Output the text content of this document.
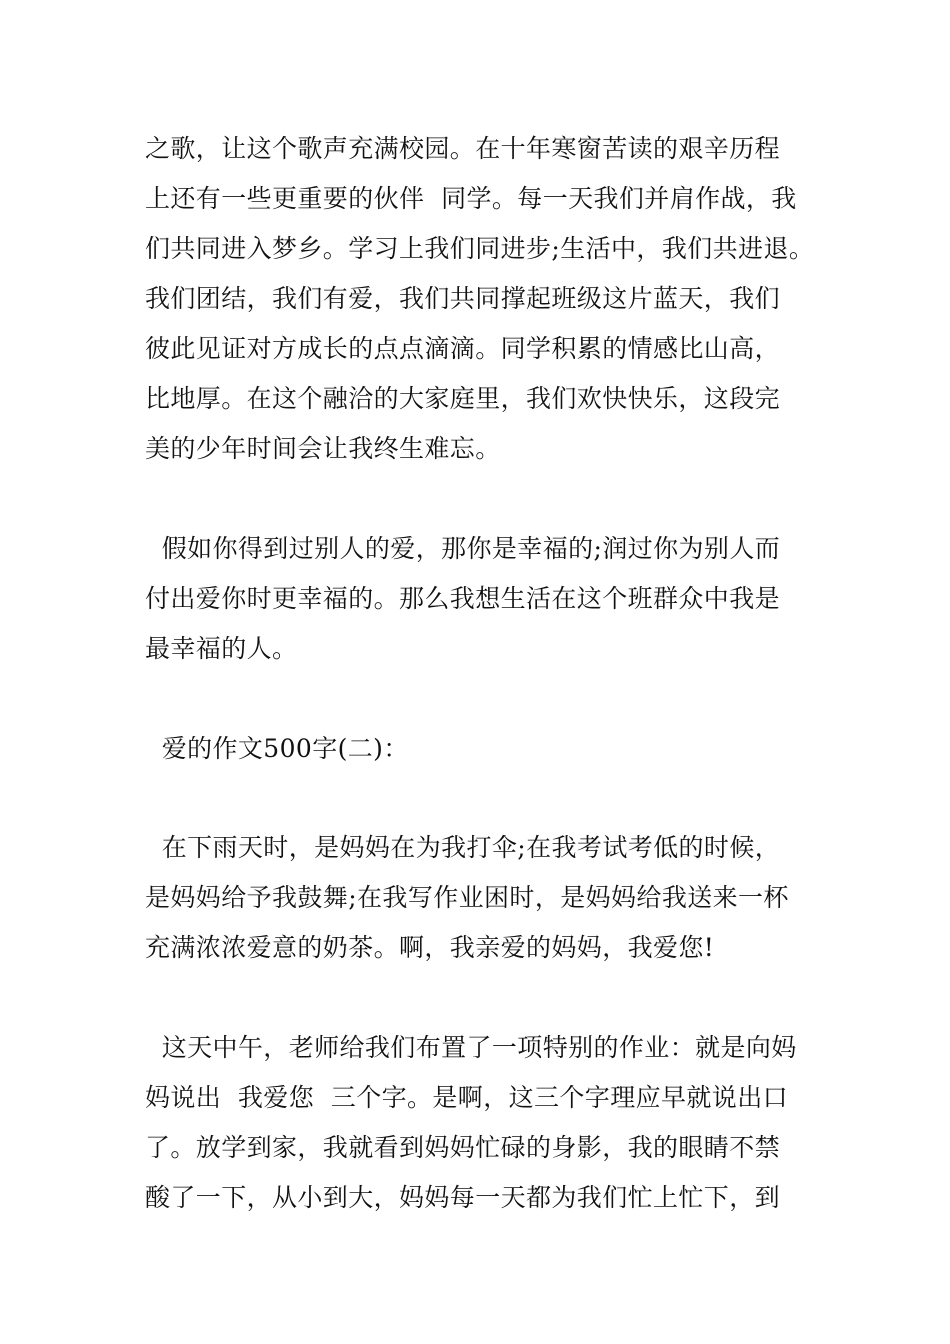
之歌，让这个歌声充满校园。在十年寒窗苦读的艰辛历程
上还有一些更重要的伙伴  同学。每一天我们并肩作战，我
们共同进入梦乡。学习上我们同进步;生活中，我们共进退。
我们团结，我们有爱，我们共同撑起班级这片蓝天，我们
彼此见证对方成长的点点滴滴。同学积累的情感比山高，
比地厚。在这个融洽的大家庭里，我们欢快快乐，这段完
美的少年时间会让我终生难忘。
假如你得到过别人的爱，那你是幸福的;润过你为别人而
付出爱你时更幸福的。那么我想生活在这个班群众中我是
最幸福的人。
爱的作文500字(二)：
在下雨天时，是妈妈在为我打伞;在我考试考低的时候，
是妈妈给予我鼓舞;在我写作业困时，是妈妈给我送来一杯
充满浓浓爱意的奶茶。啊，我亲爱的妈妈，我爱您!
这天中午，老师给我们布置了一项特别的作业：就是向妈
妈说出  我爱您  三个字。是啊，这三个字理应早就说出口
了。放学到家，我就看到妈妈忙碌的身影，我的眼睛不禁
酸了一下，从小到大，妈妈每一天都为我们忙上忙下，到
